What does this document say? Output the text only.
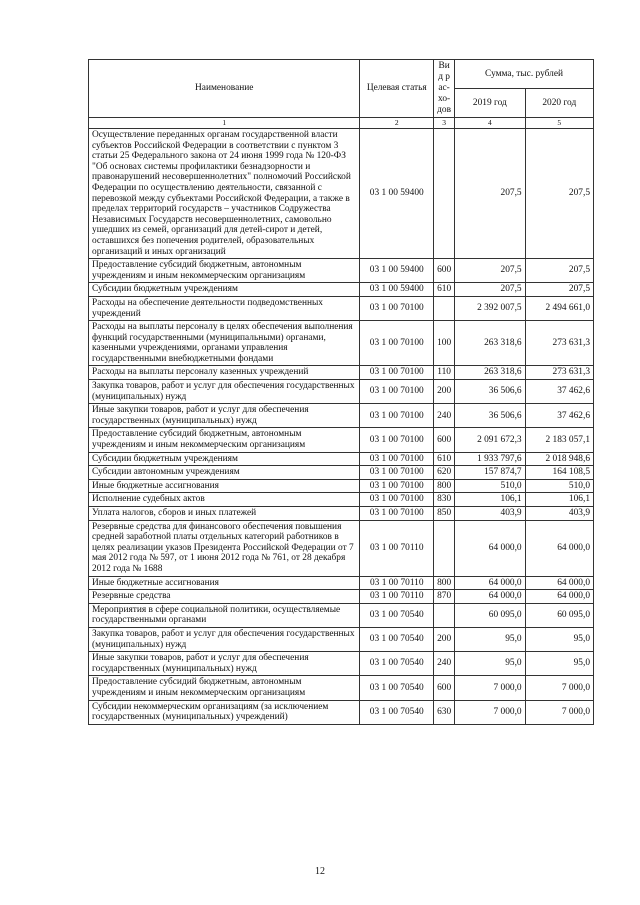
Наименование	Целевая статья	Вид рас-хо-дов	Сумма, тыс. рублей	
			2019 год	2020 год
1	2	3	4	5
Осуществление переданных органам государственной власти субъектов Российской Федерации в соответствии с пунктом 3 статьи 25 Федерального закона от 24 июня 1999 года № 120-ФЗ "Об основах системы профилактики безнадзорности и правонарушений несовершеннолетних" полномочий Российской Федерации по осуществлению деятельности, связанной с перевозкой между субъектами Российской Федерации, а также в пределах территорий государств – участников Содружества Независимых Государств несовершеннолетних, самовольно ушедших из семей, организаций для детей-сирот и детей, оставшихся без попечения родителей, образовательных организаций и иных организаций	03 1 00 59400		207,5	207,5
Предоставление субсидий бюджетным, автономным учреждениям и иным некоммерческим организациям	03 1 00 59400	600	207,5	207,5
Субсидии бюджетным учреждениям	03 1 00 59400	610	207,5	207,5
Расходы на обеспечение деятельности подведомственных учреждений	03 1 00 70100		2 392 007,5	2 494 661,0
Расходы на выплаты персоналу в целях обеспечения выполнения функций государственными (муниципальными) органами, казенными учреждениями, органами управления государственными внебюджетными фондами	03 1 00 70100	100	263 318,6	273 631,3
Расходы на выплаты персоналу казенных учреждений	03 1 00 70100	110	263 318,6	273 631,3
Закупка товаров, работ и услуг для обеспечения государственных (муниципальных) нужд	03 1 00 70100	200	36 506,6	37 462,6
Иные закупки товаров, работ и услуг для обеспечения государственных (муниципальных) нужд	03 1 00 70100	240	36 506,6	37 462,6
Предоставление субсидий бюджетным, автономным учреждениям и иным некоммерческим организациям	03 1 00 70100	600	2 091 672,3	2 183 057,1
Субсидии бюджетным учреждениям	03 1 00 70100	610	1 933 797,6	2 018 948,6
Субсидии автономным учреждениям	03 1 00 70100	620	157 874,7	164 108,5
Иные бюджетные ассигнования	03 1 00 70100	800	510,0	510,0
Исполнение судебных актов	03 1 00 70100	830	106,1	106,1
Уплата налогов, сборов и иных платежей	03 1 00 70100	850	403,9	403,9
Резервные средства для финансового обеспечения повышения средней заработной платы отдельных категорий работников в целях реализации указов Президента Российской Федерации от 7 мая 2012 года № 597, от 1 июня 2012 года № 761, от 28 декабря 2012 года № 1688	03 1 00 70110		64 000,0	64 000,0
Иные бюджетные ассигнования	03 1 00 70110	800	64 000,0	64 000,0
Резервные средства	03 1 00 70110	870	64 000,0	64 000,0
Мероприятия в сфере социальной политики, осуществляемые государственными органами	03 1 00 70540		60 095,0	60 095,0
Закупка товаров, работ и услуг для обеспечения государственных (муниципальных) нужд	03 1 00 70540	200	95,0	95,0
Иные закупки товаров, работ и услуг для обеспечения государственных (муниципальных) нужд	03 1 00 70540	240	95,0	95,0
Предоставление субсидий бюджетным, автономным учреждениям и иным некоммерческим организациям	03 1 00 70540	600	7 000,0	7 000,0
Субсидии некоммерческим организациям (за исключением государственных (муниципальных) учреждений)	03 1 00 70540	630	7 000,0	7 000,0
12
